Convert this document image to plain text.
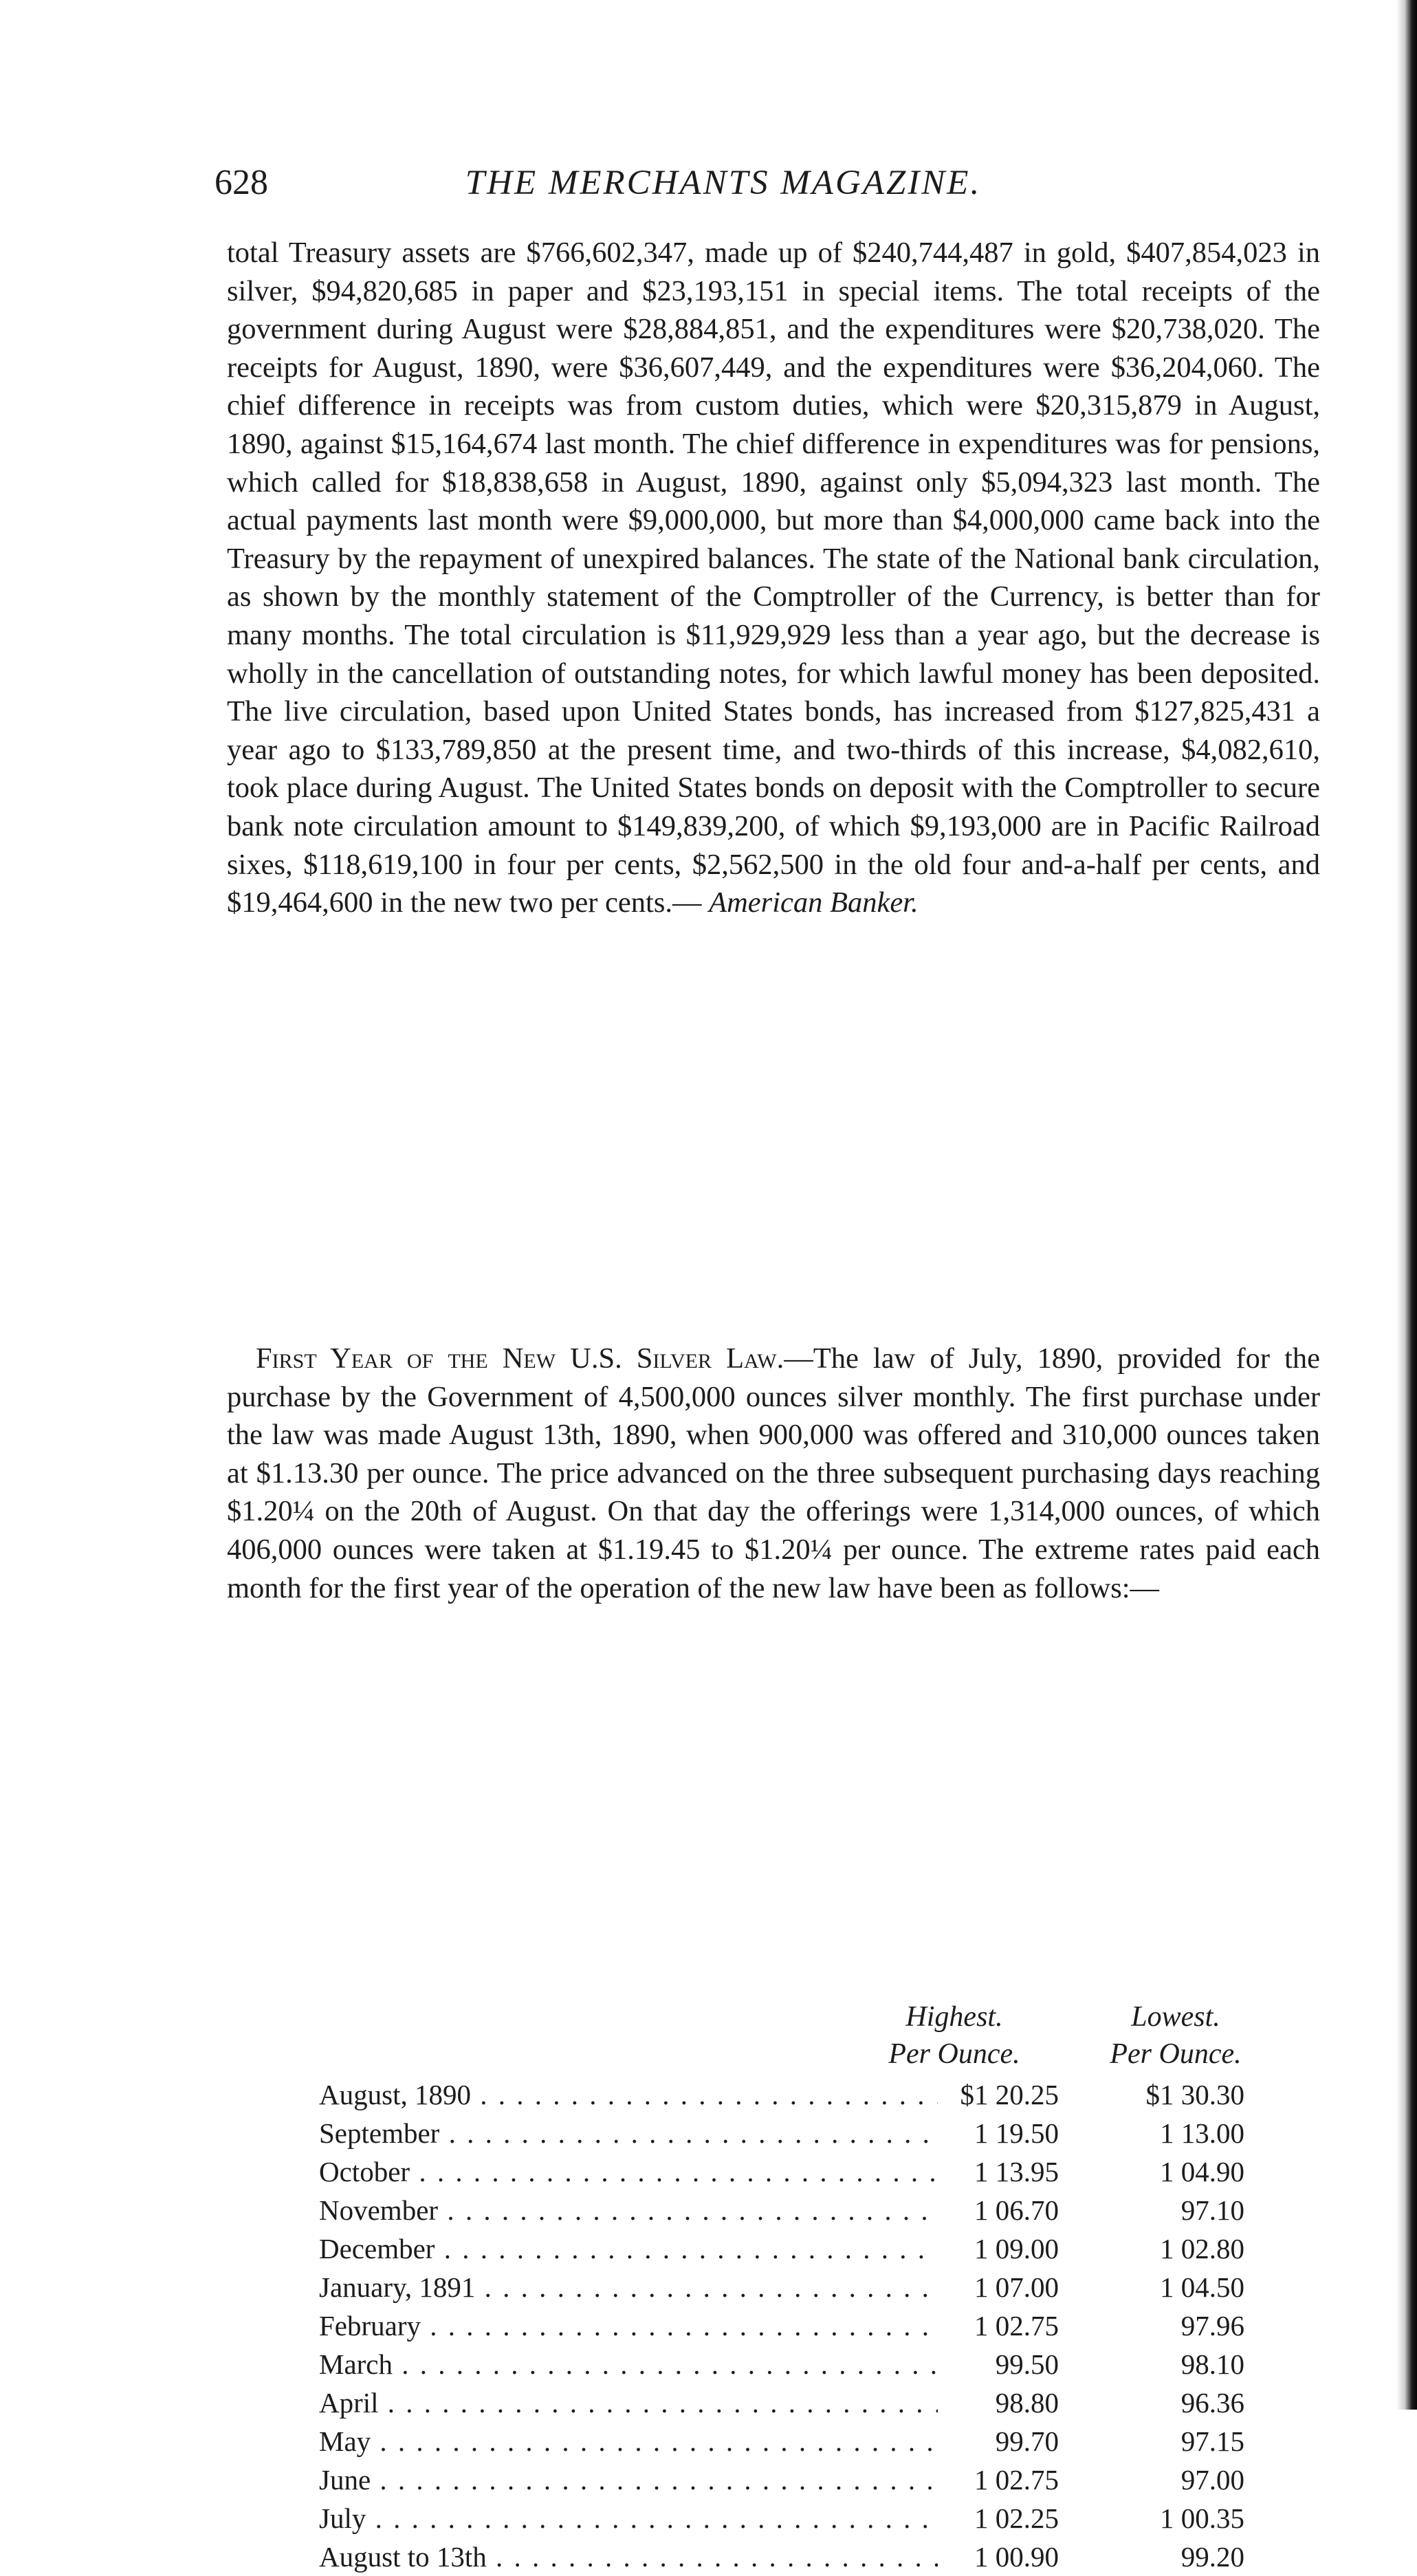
628	THE MERCHANTS MAGAZINE.

total Treasury assets are $766,602,347, made up of $240,744,487 in gold, $407,854,023 in silver, $94,820,685 in paper and $23,193,151 in special items. The total receipts of the government during August were $28,884,851, and the expenditures were $20,738,020. The receipts for August, 1890, were $36,607,449, and the expenditures were $36,204,060. The chief difference in receipts was from custom duties, which were $20,315,879 in August, 1890, against $15,164,674 last month. The chief difference in expenditures was for pensions, which called for $18,838,658 in August, 1890, against only $5,094,323 last month. The actual payments last month were $9,000,000, but more than $4,000,000 came back into the Treasury by the repayment of unexpired balances. The state of the National bank circulation, as shown by the monthly statement of the Comptroller of the Currency, is better than for many months. The total circulation is $11,929,929 less than a year ago, but the decrease is wholly in the cancellation of outstanding notes, for which lawful money has been deposited. The live circulation, based upon United States bonds, has increased from $127,825,431 a year ago to $133,789,850 at the present time, and two-thirds of this increase, $4,082,610, took place during August. The United States bonds on deposit with the Comptroller to secure bank note circulation amount to $149,839,200, of which $9,193,000 are in Pacific Railroad sixes, $118,619,100 in four per cents, $2,562,500 in the old four and-a-half per cents, and $19,464,600 in the new two per cents.— American Banker.

First Year of the New U.S. Silver Law.—The law of July, 1890, provided for the purchase by the Government of 4,500,000 ounces silver monthly. The first purchase under the law was made August 13th, 1890, when 900,000 was offered and 310,000 ounces taken at $1.13.30 per ounce. The price advanced on the three subsequent purchasing days reaching $1.20¼ on the 20th of August. On that day the offerings were 1,314,000 ounces, of which 406,000 ounces were taken at $1.19.45 to $1.20¼ per ounce. The extreme rates paid each month for the first year of the operation of the new law have been as follows:—

Highest.
Per Ounce.
Lowest.
Per Ounce.
August, 1890 . . .	$1 20.25	$1 30.30
September . . .	1 19.50	1 13.00
October . . .	1 13.95	1 04.90
November . . .	1 06.70	97.10
December . . .	1 09.00	1 02.80
January, 1891 . . .	1 07.00	1 04.50
February . . .	1 02.75	97.96
March . . .	99.50	98.10
April . . .	98.80	96.36
May . . .	99.70	97.15
June . . .	1 02.75	97.00
July . . .	1 02.25	1 00.35
August to 13th . . .	1 00.90	99.20
